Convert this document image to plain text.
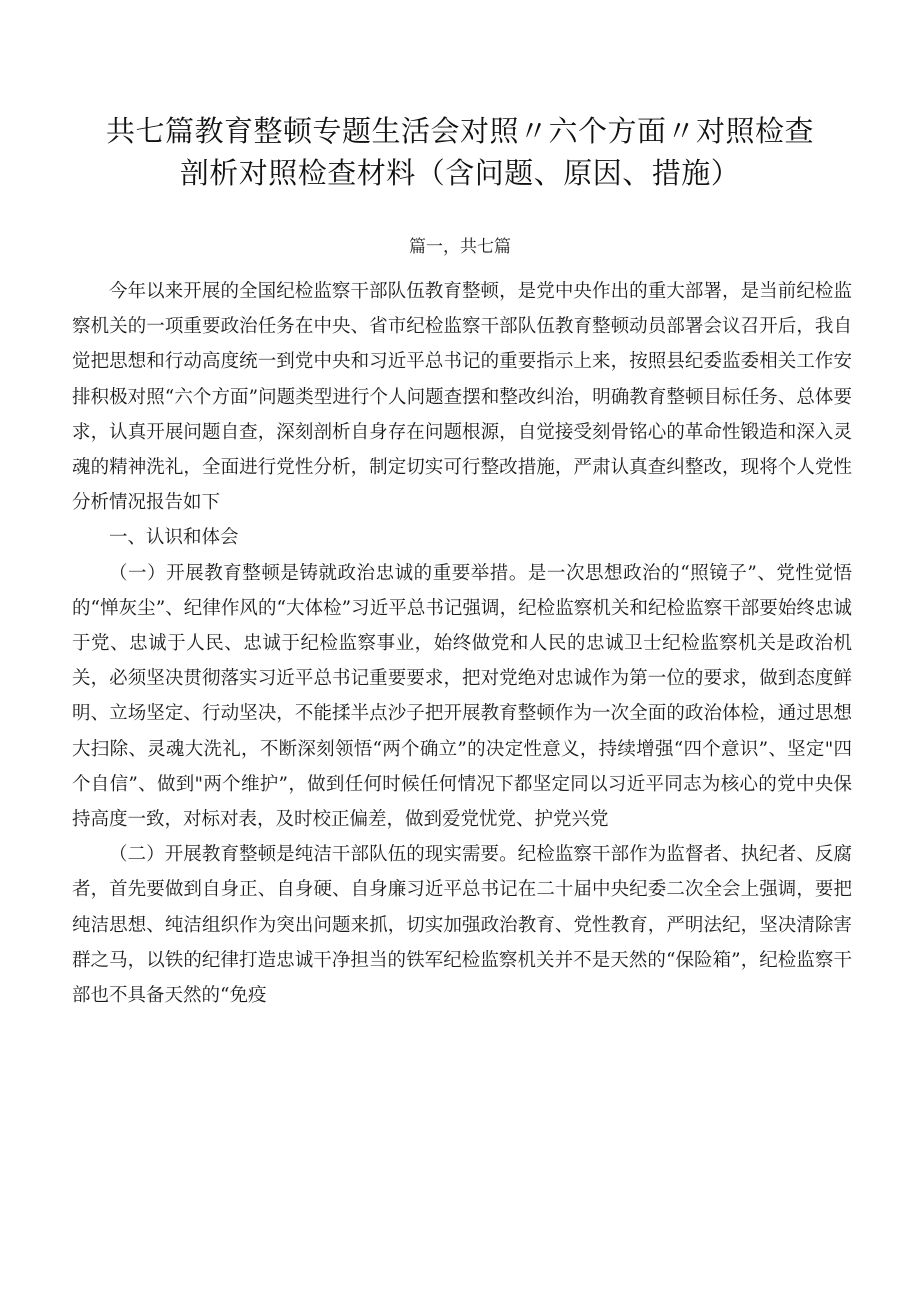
共七篇教育整顿专题生活会对照〃六个方面〃对照检查
剖析对照检查材料（含问题、原因、措施）
篇一，共七篇

今年以来开展的全国纪检监察干部队伍教育整顿，是党中央作出的重大部署，是当前纪检监察机关的一项重要政治任务在中央、省市纪检监察干部队伍教育整顿动员部署会议召开后，我自觉把思想和行动高度统一到党中央和习近平总书记的重要指示上来，按照县纪委监委相关工作安排积极对照“六个方面”问题类型进行个人问题查摆和整改纠治，明确教育整顿目标任务、总体要求，认真开展问题自查，深刻剖析自身存在问题根源，自觉接受刻骨铭心的革命性锻造和深入灵魂的精神洗礼，全面进行党性分析，制定切实可行整改措施，严肃认真查纠整改，现将个人党性分析情况报告如下

一、认识和体会

（一）开展教育整顿是铸就政治忠诚的重要举措。是一次思想政治的“照镜子”、党性觉悟的“惮灰尘”、纪律作风的“大体检”习近平总书记强调，纪检监察机关和纪检监察干部要始终忠诚于党、忠诚于人民、忠诚于纪检监察事业，始终做党和人民的忠诚卫士纪检监察机关是政治机关，必须坚决贯彻落实习近平总书记重要要求，把对党绝对忠诚作为第一位的要求，做到态度鲜明、立场坚定、行动坚决，不能揉半点沙子把开展教育整顿作为一次全面的政治体检，通过思想大扫除、灵魂大洗礼，不断深刻领悟“两个确立”的决定性意义，持续增强“四个意识”、坚定"四个自信”、做到"两个维护”，做到任何时候任何情况下都坚定同以习近平同志为核心的党中央保持高度一致，对标对表，及时校正偏差，做到爱党忧党、护党兴党

（二）开展教育整顿是纯洁干部队伍的现实需要。纪检监察干部作为监督者、执纪者、反腐者，首先要做到自身正、自身硬、自身廉习近平总书记在二十届中央纪委二次全会上强调，要把纯洁思想、纯洁组织作为突出问题来抓，切实加强政治教育、党性教育，严明法纪，坚决清除害群之马，以铁的纪律打造忠诚干净担当的铁军纪检监察机关并不是天然的“保险箱”，纪检监察干部也不具备天然的“免疫
